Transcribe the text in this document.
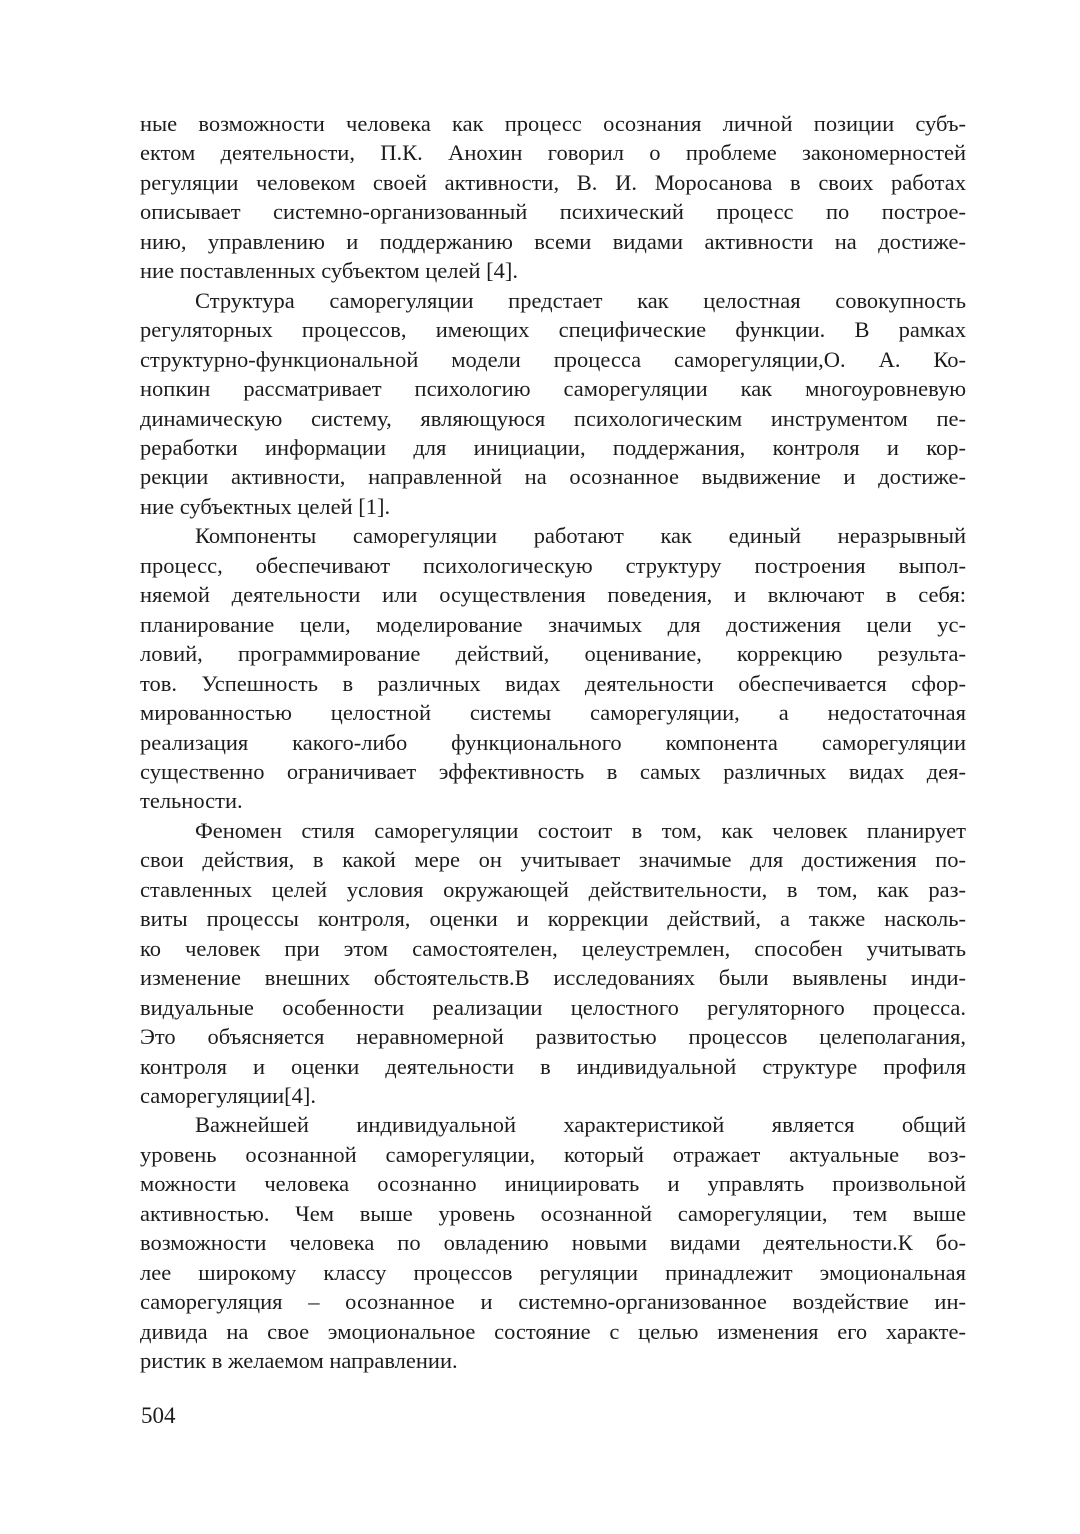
ные возможности человека как процесс осознания личной позиции субъ-
ектом деятельности, П.К. Анохин говорил о проблеме закономерностей
регуляции человеком своей активности, В. И. Моросанова в своих работах
описывает системно-организованный психический процесс по построе-
нию, управлению и поддержанию всеми видами активности на достиже-
ние поставленных субъектом целей [4].
Структура саморегуляции предстает как целостная совокупность
регуляторных процессов, имеющих специфические функции. В рамках
структурно-функциональной модели процесса саморегуляции,О. А. Ко-
нопкин рассматривает психологию саморегуляции как многоуровневую
динамическую систему, являющуюся психологическим инструментом пе-
реработки информации для инициации, поддержания, контроля и кор-
рекции активности, направленной на осознанное выдвижение и достиже-
ние субъектных целей [1].
Компоненты саморегуляции работают как единый неразрывный
процесс, обеспечивают психологическую структуру построения выпол-
няемой деятельности или осуществления поведения, и включают в себя:
планирование цели, моделирование значимых для достижения цели ус-
ловий, программирование действий, оценивание, коррекцию результа-
тов. Успешность в различных видах деятельности обеспечивается сфор-
мированностью целостной системы саморегуляции, а недостаточная
реализация какого-либо функционального компонента саморегуляции
существенно ограничивает эффективность в самых различных видах дея-
тельности.
Феномен стиля саморегуляции состоит в том, как человек планирует
свои действия, в какой мере он учитывает значимые для достижения по-
ставленных целей условия окружающей действительности, в том, как раз-
виты процессы контроля, оценки и коррекции действий, а также насколь-
ко человек при этом самостоятелен, целеустремлен, способен учитывать
изменение внешних обстоятельств.В исследованиях были выявлены инди-
видуальные особенности реализации целостного регуляторного процесса.
Это объясняется неравномерной развитостью процессов целеполагания,
контроля и оценки деятельности в индивидуальной структуре профиля
саморегуляции[4].
Важнейшей индивидуальной характеристикой является общий
уровень осознанной саморегуляции, который отражает актуальные воз-
можности человека осознанно инициировать и управлять произвольной
активностью. Чем выше уровень осознанной саморегуляции, тем выше
возможности человека по овладению новыми видами деятельности.К бо-
лее широкому классу процессов регуляции принадлежит эмоциональная
саморегуляция – осознанное и системно-организованное воздействие ин-
дивида на свое эмоциональное состояние с целью изменения его характе-
ристик в желаемом направлении.
504
